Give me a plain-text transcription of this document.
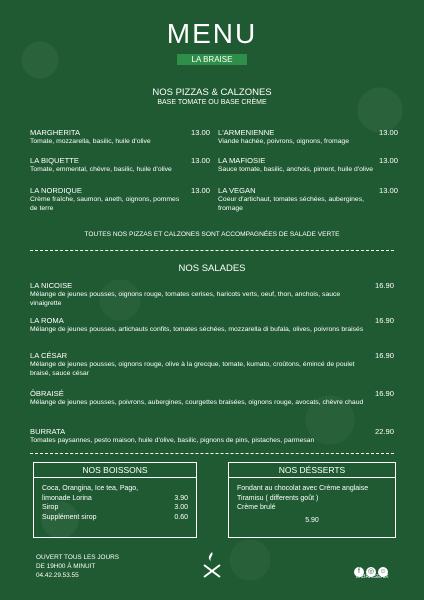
MENU
LA BRAISE
NOS PIZZAS & CALZONES
BASE TOMATE OU BASE CRÈME
MARGHERITA	13.00
Tomate, mozzarella, basilic, huile d'olive
LA BIQUETTE	13.00
Tomate, emmental, chèvre, basilic, huile d'olive
LA NORDIQUE	13.00
Crème fraîche, saumon, aneth, oignons, pommes de terre
L'ARMENIENNE	13.00
Viande hachée, poivrons, oignons, fromage
LA MAFIOSIE	13.00
Sauce tomate, basilic, anchois, piment, huile d'olive
LA VEGAN	13.00
Coeur d'artichaut, tomates séchées, aubergines, fromage
TOUTES NOS PIZZAS ET CALZONES SONT ACCOMPAGNÉES DE SALADE VERTE
NOS SALADES
LA NICOISE	16.90
Mélange de jeunes pousses, oignons rouge, tomates cerises, haricots verts, oeuf, thon, anchois, sauce vinaigrette
LA ROMA	16.90
Mélange de jeunes pousses, artichauts confits, tomates séchées, mozzarella di bufala, olives, poivrons braisés
LA CÉSAR	16.90
Mélange de jeunes pousses, oignons rouge, olive à la grecque, tomate, kumato, croûtons, émincé de poulet braisé, sauce césar
ÔBRAISÉ	16.90
Mélange de jeunes pousses, poivrons, aubergines, courgettes braisées, oignons rouge, avocats, chèvre chaud
BURRATA	22.90
Tomates paysannes, pesto maison, huile d'olive, basilic, pignons de pins, pistaches, parmesan
NOS BOISSONS
Coca, Orangina, Ice tea, Pago,
limonade Lorina	3.90
Sirop	3.00
Supplément sirop	0.60
NOS DÉSSERTS
Fondant au chocolat avec Crème anglaise
Tiramisu ( differents goût )
Crème brulé
5.90
OUVERT TOUS LES JOURS
DE 19H00 À MINUIT
04.42.29.53.55
f ◎ ☺
LABRAISEAIX
